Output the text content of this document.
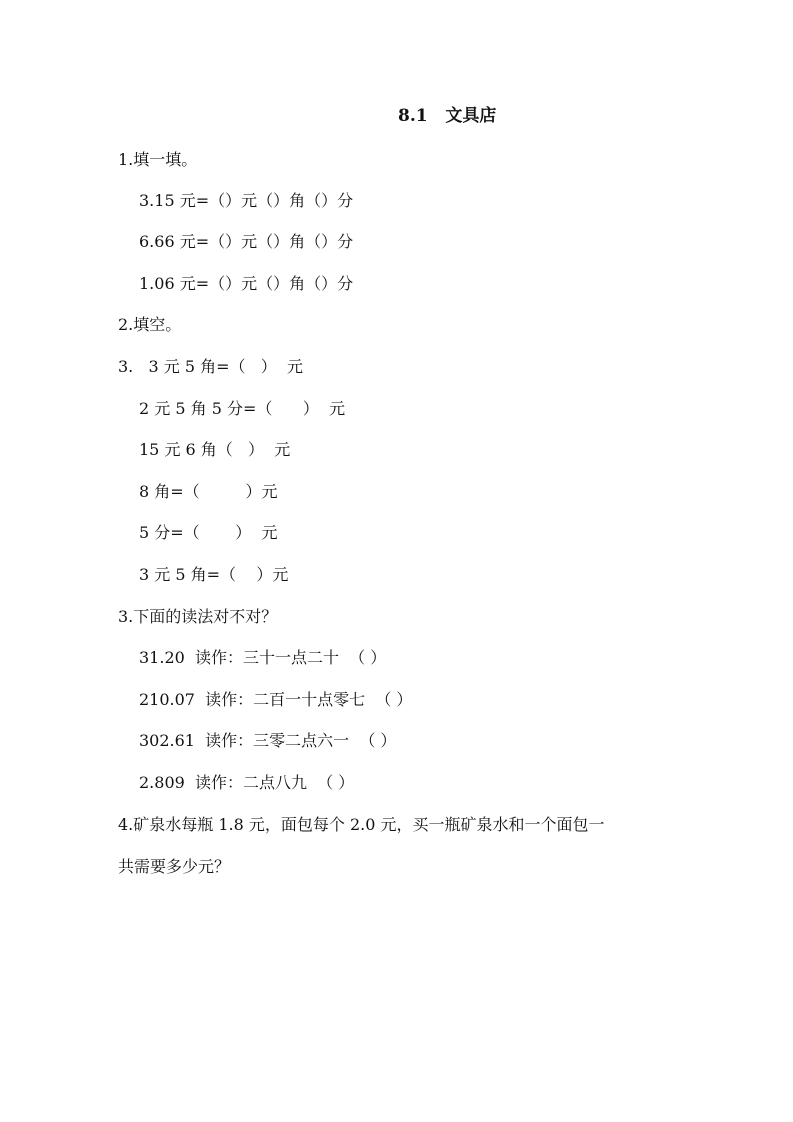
8.1   文具店
1.填一填。
3.15 元=（）元（）角（）分
6.66 元=（）元（）角（）分
1.06 元=（）元（）角（）分
2.填空。
3.   3 元 5 角=（   ）  元
2 元 5 角 5 分=（      ）  元
15 元 6 角（   ）  元
8 角=（         ）元
5 分=（       ）  元
3 元 5 角=（    ）元
3.下面的读法对不对？
31.20  读作：三十一点二十  （ ）
210.07  读作：二百一十点零七  （ ）
302.61  读作：三零二点六一  （ ）
2.809  读作：二点八九  （ ）
4.矿泉水每瓶 1.8 元，面包每个 2.0 元，买一瓶矿泉水和一个面包一
共需要多少元？
